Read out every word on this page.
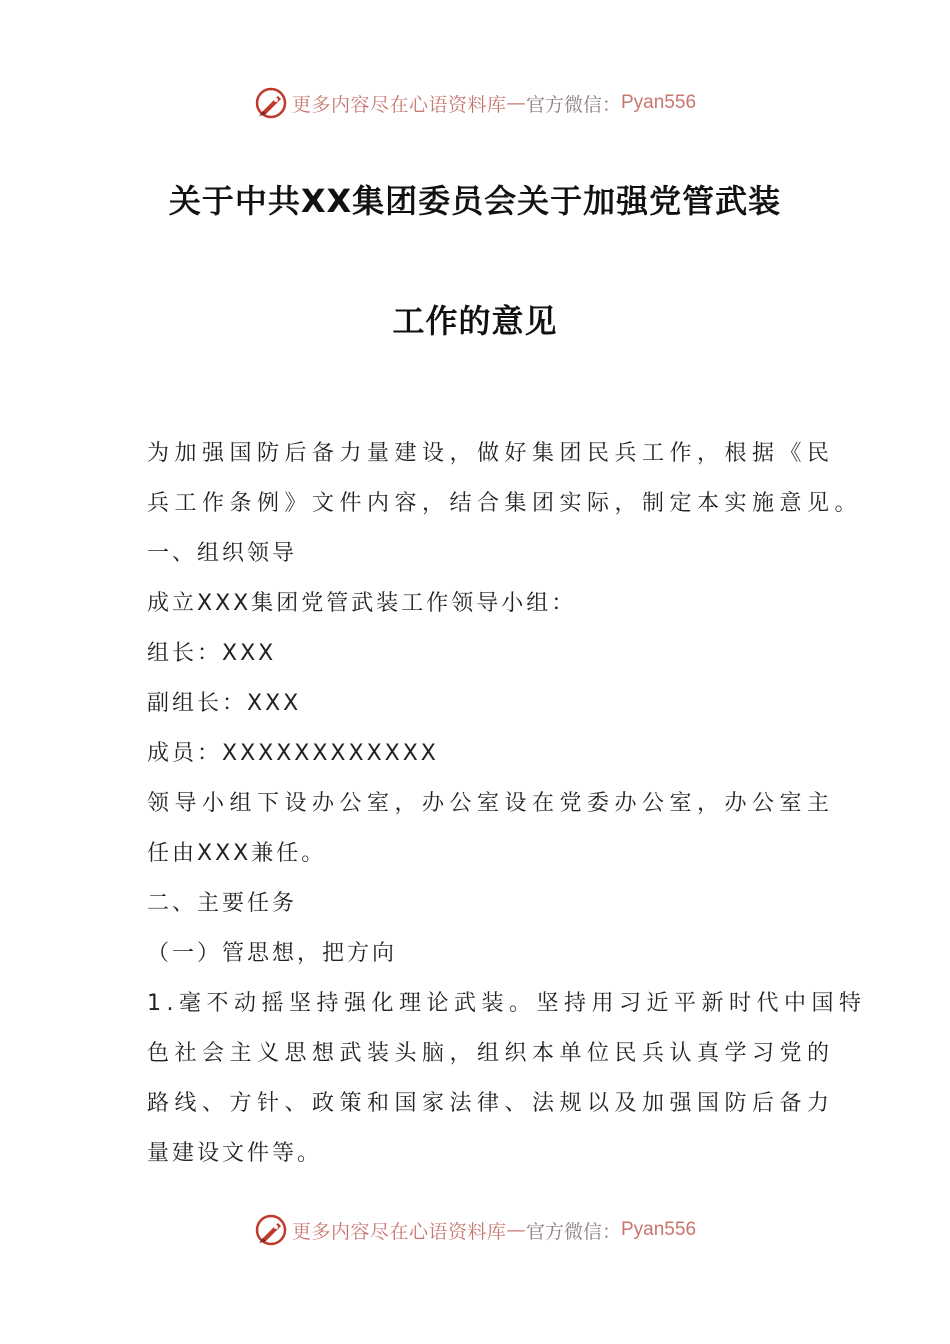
更多内容尽在心语资料库 — 官方微信： Pyan556
关于中共XX集团委员会关于加强党管武装
工作的意见
为加强国防后备力量建设，做好集团民兵工作，根据《民
兵工作条例》文件内容，结合集团实际，制定本实施意见。
一、组织领导
成立XXX集团党管武装工作领导小组：
组长：XXX
副组长：XXX
成员：XXXXXXXXXXXX
领导小组下设办公室，办公室设在党委办公室，办公室主
任由XXX兼任。
二、主要任务
（一）管思想，把方向
1.毫不动摇坚持强化理论武装。坚持用习近平新时代中国特
色社会主义思想武装头脑，组织本单位民兵认真学习党的
路线、方针、政策和国家法律、法规以及加强国防后备力
量建设文件等。
更多内容尽在心语资料库 — 官方微信： Pyan556
